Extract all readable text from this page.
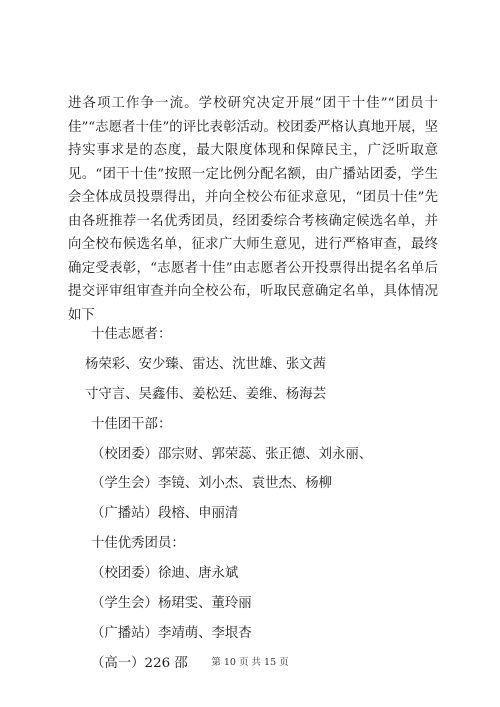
进各项工作争一流。学校研究决定开展“团干十佳”“团员十佳”“志愿者十佳”的评比表彰活动。校团委严格认真地开展，坚持实事求是的态度，最大限度体现和保障民主，广泛听取意见。“团干十佳”按照一定比例分配名额，由广播站团委，学生会全体成员投票得出，并向全校公布征求意见，“团员十佳”先由各班推荐一名优秀团员，经团委综合考核确定候选名单，并向全校布候选名单，征求广大师生意见，进行严格审查，最终确定受表彰，“志愿者十佳”由志愿者公开投票得出提名名单后提交评审组审查并向全校公布，听取民意确定名单，具体情况如下

十佳志愿者：
杨荣彩、安少臻、雷达、沈世雄、张文茜
寸守言、吴鑫伟、姜松廷、姜维、杨海芸
十佳团干部：
（校团委）邵宗财、郭荣蕊、张正德、刘永丽、
（学生会）李镜、刘小杰、袁世杰、杨柳
（广播站）段榕、申丽清
十佳优秀团员：
（校团委）徐迪、唐永斌
（学生会）杨珺雯、董玲丽
（广播站）李靖萌、李垠杏
（高一）226 邵	第 10 页 共 15 页
